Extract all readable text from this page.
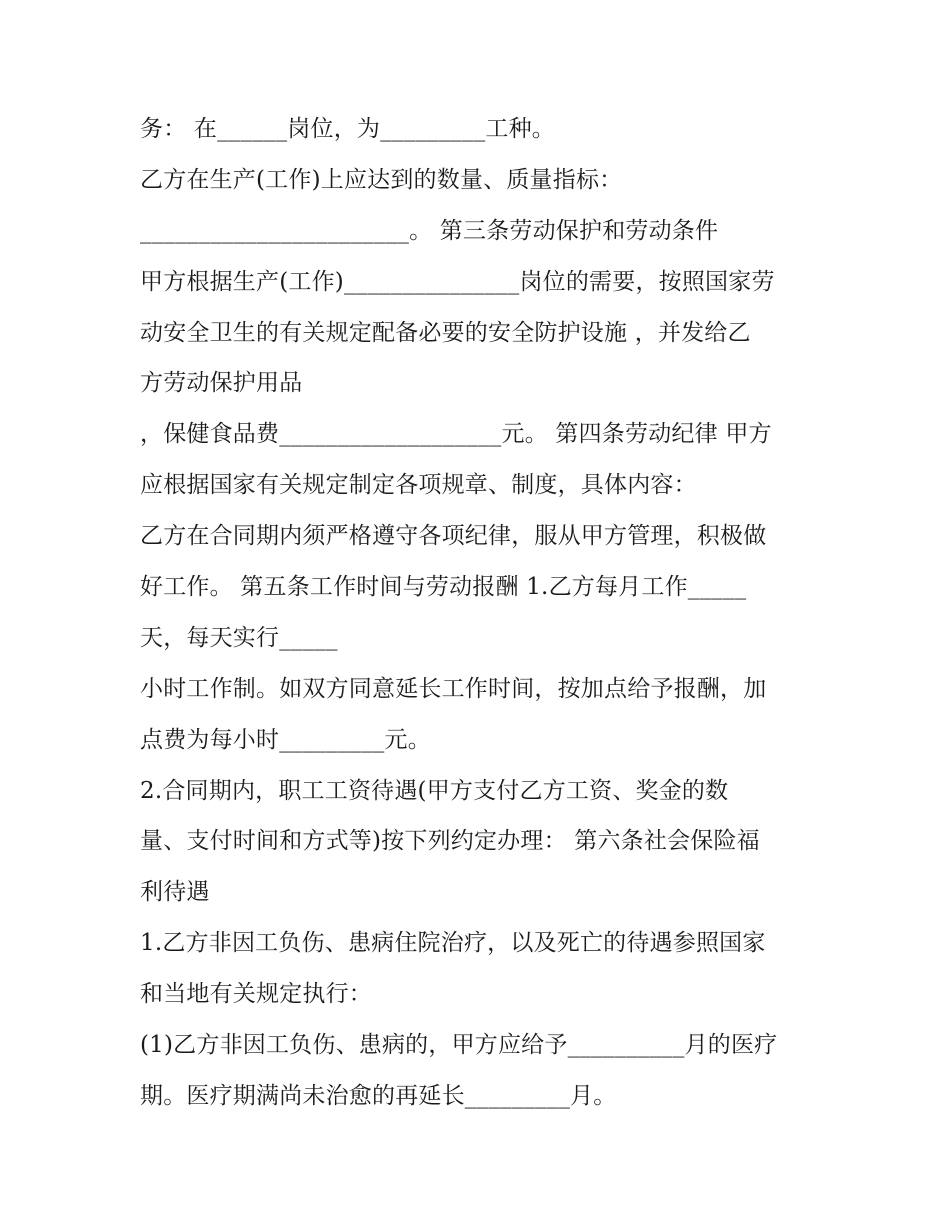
务： 在______岗位，为_________工种。
乙方在生产(工作)上应达到的数量、质量指标：
_______________________。 第三条劳动保护和劳动条件
甲方根据生产(工作)_______________岗位的需要，按照国家劳
动安全卫生的有关规定配备必要的安全防护设施 ，并发给乙
方劳动保护用品
，保健食品费___________________元。 第四条劳动纪律 甲方
应根据国家有关规定制定各项规章、制度，具体内容：
乙方在合同期内须严格遵守各项纪律，服从甲方管理，积极做
好工作。 第五条工作时间与劳动报酬 1.乙方每月工作_____
天，每天实行_____
小时工作制。如双方同意延长工作时间，按加点给予报酬，加
点费为每小时_________元。
2.合同期内，职工工资待遇(甲方支付乙方工资、奖金的数
量、支付时间和方式等)按下列约定办理： 第六条社会保险福
利待遇
1.乙方非因工负伤、患病住院治疗，以及死亡的待遇参照国家
和当地有关规定执行：
(1)乙方非因工负伤、患病的，甲方应给予__________月的医疗
期。医疗期满尚未治愈的再延长_________月。
